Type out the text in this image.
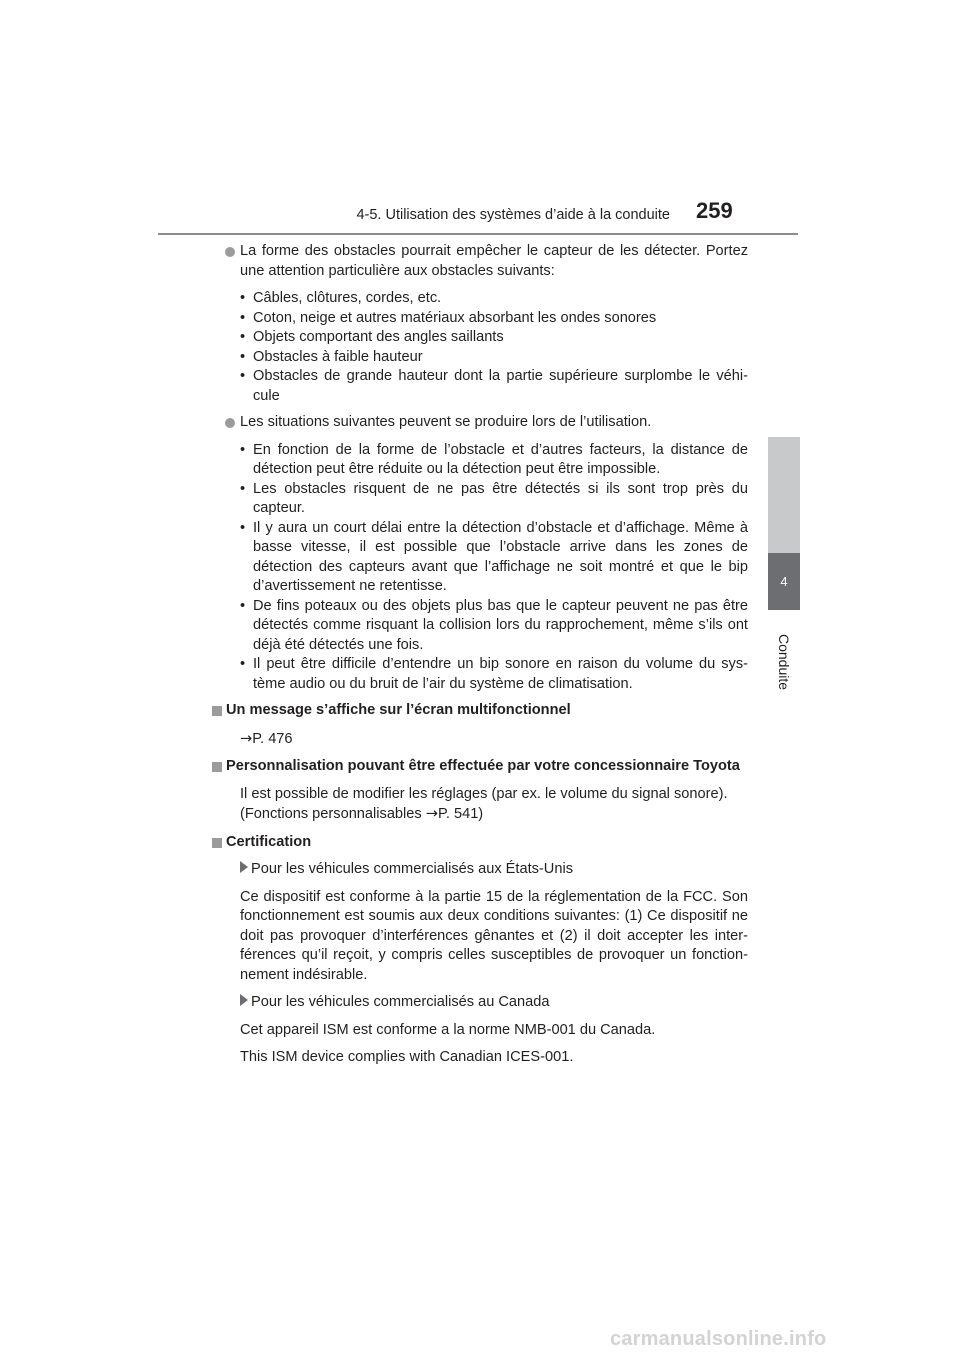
4-5. Utilisation des systèmes d’aide à la conduite 259
4
Conduite
La forme des obstacles pourrait empêcher le capteur de les détecter. Portez une attention particulière aux obstacles suivants:
• Câbles, clôtures, cordes, etc.
• Coton, neige et autres matériaux absorbant les ondes sonores
• Objets comportant des angles saillants
• Obstacles à faible hauteur
• Obstacles de grande hauteur dont la partie supérieure surplombe le véhi-cule
Les situations suivantes peuvent se produire lors de l’utilisation.
• En fonction de la forme de l’obstacle et d’autres facteurs, la distance de détection peut être réduite ou la détection peut être impossible.
• Les obstacles risquent de ne pas être détectés si ils sont trop près du capteur.
• Il y aura un court délai entre la détection d’obstacle et d’affichage. Même à basse vitesse, il est possible que l’obstacle arrive dans les zones de détection des capteurs avant que l’affichage ne soit montré et que le bip d’avertissement ne retentisse.
• De fins poteaux ou des objets plus bas que le capteur peuvent ne pas être détectés comme risquant la collision lors du rapprochement, même s’ils ont déjà été détectés une fois.
• Il peut être difficile d’entendre un bip sonore en raison du volume du sys-tème audio ou du bruit de l’air du système de climatisation.
Un message s’affiche sur l’écran multifonctionnel
→P. 476
Personnalisation pouvant être effectuée par votre concessionnaire Toyota
Il est possible de modifier les réglages (par ex. le volume du signal sonore).
(Fonctions personnalisables →P. 541)
Certification
Pour les véhicules commercialisés aux États-Unis
Ce dispositif est conforme à la partie 15 de la réglementation de la FCC. Son fonctionnement est soumis aux deux conditions suivantes: (1) Ce dispositif ne doit pas provoquer d’interférences gênantes et (2) il doit accepter les inter-férences qu’il reçoit, y compris celles susceptibles de provoquer un fonction-nement indésirable.
Pour les véhicules commercialisés au Canada
Cet appareil ISM est conforme a la norme NMB-001 du Canada.
This ISM device complies with Canadian ICES-001.
carmanualsonline.info
